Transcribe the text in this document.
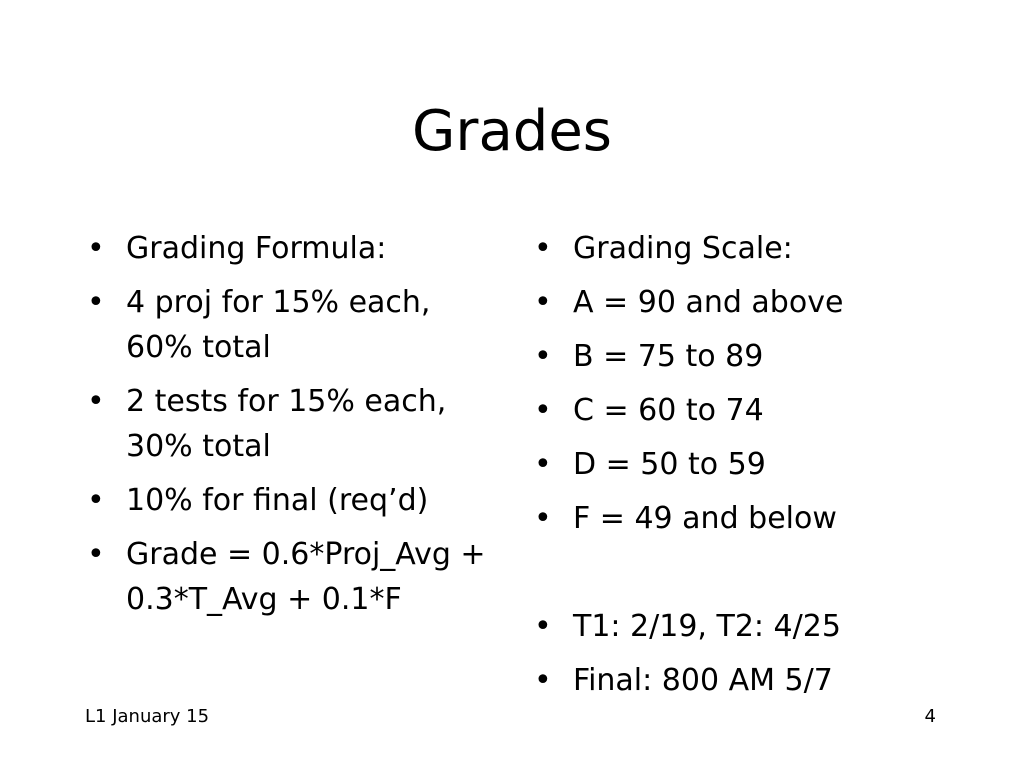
Grades
• Grading Formula:
• 4 proj for 15% each, 60% total
• 2 tests for 15% each, 30% total
• 10% for final (req’d)
• Grade = 0.6*Proj_Avg + 0.3*T_Avg + 0.1*F
• Grading Scale:
• A = 90 and above
• B = 75 to 89
• C = 60 to 74
• D = 50 to 59
• F = 49 and below
• T1: 2/19, T2: 4/25
• Final: 800 AM 5/7
L1 January 15	4
